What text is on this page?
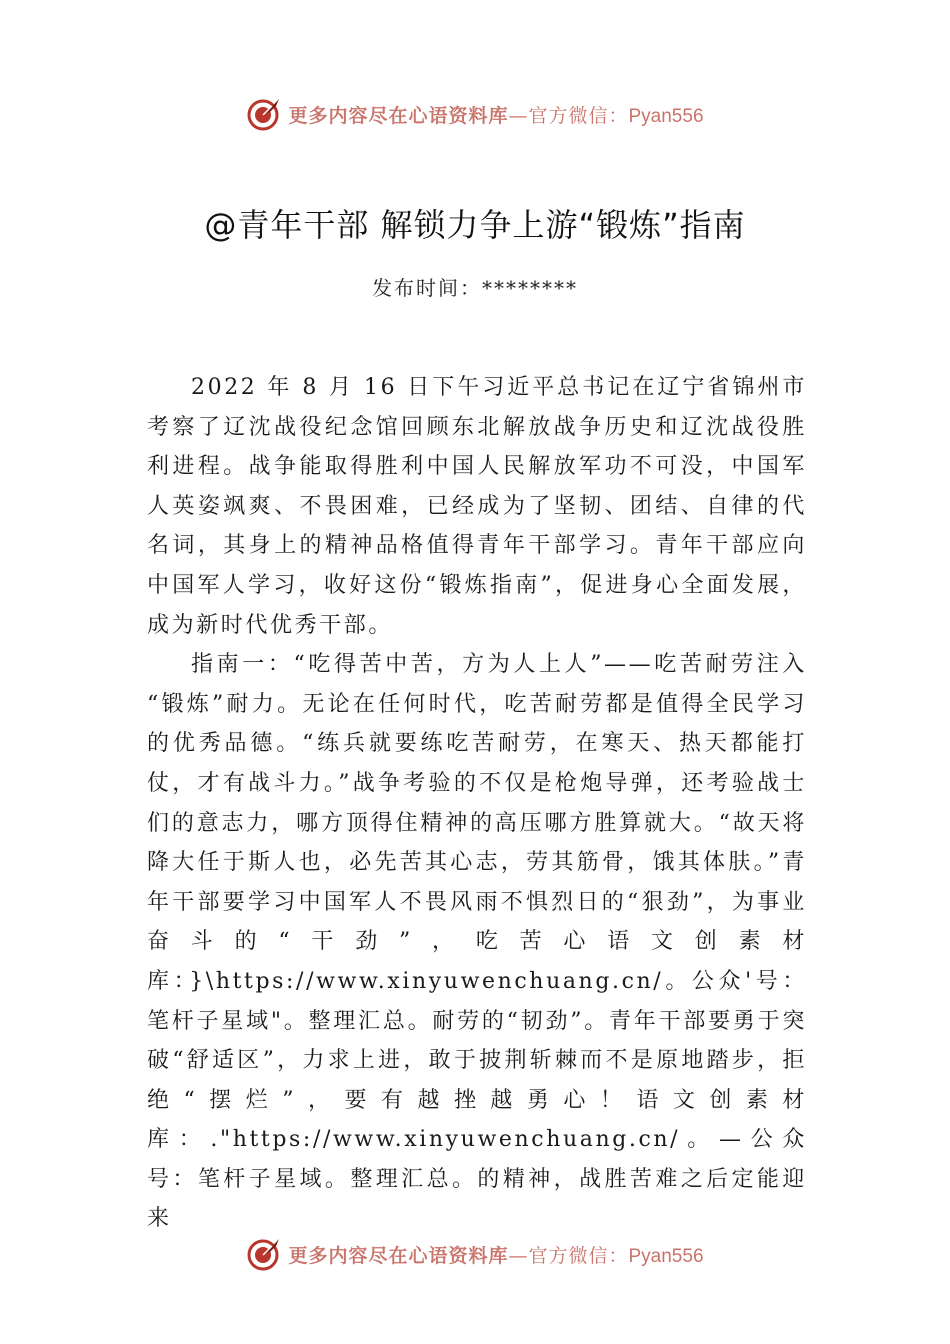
更多内容尽在心语资料库—官方微信：Pyan556
@青年干部 解锁力争上游“锻炼”指南
发布时间：********

2022 年 8 月 16 日下午习近平总书记在辽宁省锦州市考察了辽沈战役纪念馆回顾东北解放战争历史和辽沈战役胜利进程。战争能取得胜利中国人民解放军功不可没，中国军人英姿飒爽、不畏困难，已经成为了坚韧、团结、自律的代名词，其身上的精神品格值得青年干部学习。青年干部应向中国军人学习，收好这份“锻炼指南”，促进身心全面发展，成为新时代优秀干部。

指南一：“吃得苦中苦，方为人上人”——吃苦耐劳注入 “锻炼”耐力。无论在任何时代，吃苦耐劳都是值得全民学习的优秀品德。“练兵就要练吃苦耐劳，在寒天、热天都能打仗，才有战斗力。”战争考验的不仅是枪炮导弹，还考验战士们的意志力，哪方顶得住精神的高压哪方胜算就大。“故天将降大任于斯人也，必先苦其心志，劳其筋骨，饿其体肤。”青年干部要学习中国军人不畏风雨不惧烈日的“狠劲”，为事业奋斗的“干劲”，吃苦心语文创素材库：}\https://www.xinyuwenchuang.cn/。公众'号：笔杆子星域"。整理汇总。耐劳的“韧劲”。青年干部要勇于突破“舒适区”，力求上进，敢于披荆斩棘而不是原地踏步，拒绝“摆烂”，要有越挫越勇心！语文创素材库：."https://www.xinyuwenchuang.cn/。—公众号：笔杆子星域。整理汇总。的精神，战胜苦难之后定能迎来

更多内容尽在心语资料库—官方微信：Pyan556
